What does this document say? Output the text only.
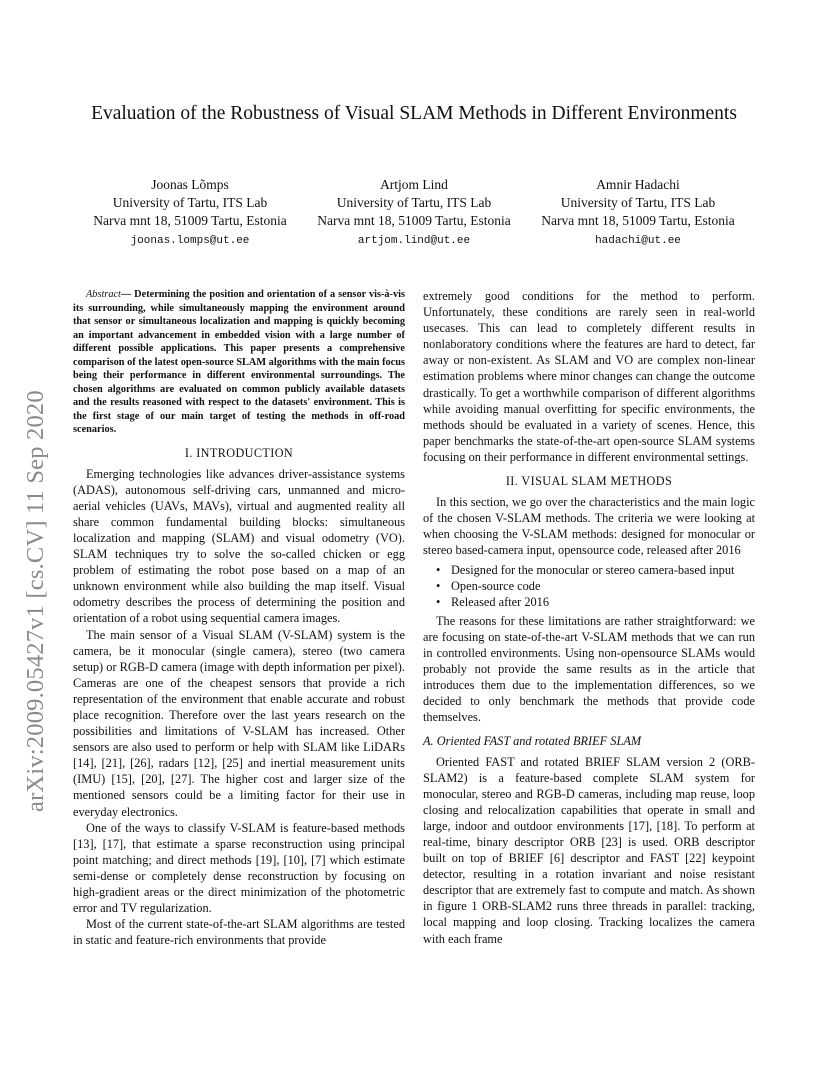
arXiv:2009.05427v1 [cs.CV] 11 Sep 2020
Evaluation of the Robustness of Visual SLAM Methods in Different Environments
Joonas Lõmps
University of Tartu, ITS Lab
Narva mnt 18, 51009 Tartu, Estonia
joonas.lomps@ut.ee
Artjom Lind
University of Tartu, ITS Lab
Narva mnt 18, 51009 Tartu, Estonia
artjom.lind@ut.ee
Amnir Hadachi
University of Tartu, ITS Lab
Narva mnt 18, 51009 Tartu, Estonia
hadachi@ut.ee

Abstract— Determining the position and orientation of a sensor vis-à-vis its surrounding, while simultaneously mapping the environment around that sensor or simultaneous localization and mapping is quickly becoming an important advancement in embedded vision with a large number of different possible applications. This paper presents a comprehensive comparison of the latest open-source SLAM algorithms with the main focus being their performance in different environmental surroundings. The chosen algorithms are evaluated on common publicly available datasets and the results reasoned with respect to the datasets' environment. This is the first stage of our main target of testing the methods in off-road scenarios.

I. INTRODUCTION

Emerging technologies like advances driver-assistance systems (ADAS), autonomous self-driving cars, unmanned and micro-aerial vehicles (UAVs, MAVs), virtual and augmented reality all share common fundamental building blocks: simultaneous localization and mapping (SLAM) and visual odometry (VO). SLAM techniques try to solve the so-called chicken or egg problem of estimating the robot pose based on a map of an unknown environment while also building the map itself. Visual odometry describes the process of determining the position and orientation of a robot using sequential camera images.

The main sensor of a Visual SLAM (V-SLAM) system is the camera, be it monocular (single camera), stereo (two camera setup) or RGB-D camera (image with depth information per pixel). Cameras are one of the cheapest sensors that provide a rich representation of the environment that enable accurate and robust place recognition. Therefore over the last years research on the possibilities and limitations of V-SLAM has increased. Other sensors are also used to perform or help with SLAM like LiDARs [14], [21], [26], radars [12], [25] and inertial measurement units (IMU) [15], [20], [27]. The higher cost and larger size of the mentioned sensors could be a limiting factor for their use in everyday electronics.

One of the ways to classify V-SLAM is feature-based methods [13], [17], that estimate a sparse reconstruction using principal point matching; and direct methods [19], [10], [7] which estimate semi-dense or completely dense reconstruction by focusing on high-gradient areas or the direct minimization of the photometric error and TV regularization.

Most of the current state-of-the-art SLAM algorithms are tested in static and feature-rich environments that provide

extremely good conditions for the method to perform. Unfortunately, these conditions are rarely seen in real-world usecases. This can lead to completely different results in nonlaboratory conditions where the features are hard to detect, far away or non-existent. As SLAM and VO are complex non-linear estimation problems where minor changes can change the outcome drastically. To get a worthwhile comparison of different algorithms while avoiding manual overfitting for specific environments, the methods should be evaluated in a variety of scenes. Hence, this paper benchmarks the state-of-the-art open-source SLAM systems focusing on their performance in different environmental settings.

II. VISUAL SLAM METHODS

In this section, we go over the characteristics and the main logic of the chosen V-SLAM methods. The criteria we were looking at when choosing the V-SLAM methods: designed for monocular or stereo based-camera input, opensource code, released after 2016

• Designed for the monocular or stereo camera-based input
• Open-source code
• Released after 2016

The reasons for these limitations are rather straightforward: we are focusing on state-of-the-art V-SLAM methods that we can run in controlled environments. Using non-opensource SLAMs would probably not provide the same results as in the article that introduces them due to the implementation differences, so we decided to only benchmark the methods that provide code themselves.

A. Oriented FAST and rotated BRIEF SLAM

Oriented FAST and rotated BRIEF SLAM version 2 (ORB-SLAM2) is a feature-based complete SLAM system for monocular, stereo and RGB-D cameras, including map reuse, loop closing and relocalization capabilities that operate in small and large, indoor and outdoor environments [17], [18]. To perform at real-time, binary descriptor ORB [23] is used. ORB descriptor built on top of BRIEF [6] descriptor and FAST [22] keypoint detector, resulting in a rotation invariant and noise resistant descriptor that are extremely fast to compute and match. As shown in figure 1 ORB-SLAM2 runs three threads in parallel: tracking, local mapping and loop closing. Tracking localizes the camera with each frame
